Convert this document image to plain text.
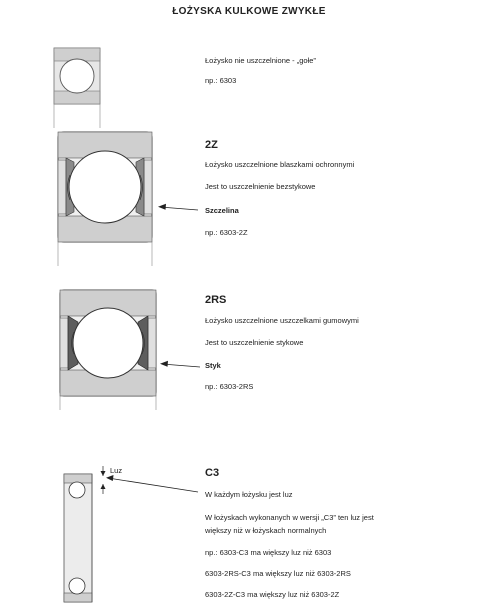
ŁOŻYSKA KULKOWE ZWYKŁE
Łożysko nie uszczelnione - „gołe”
np.: 6303
2Z
Łożysko uszczelnione blaszkami ochronnymi
Jest to uszczelnienie bezstykowe
Szczelina
np.: 6303-2Z
2RS
Łożysko uszczelnione uszczelkami gumowymi
Jest to uszczelnienie stykowe
Styk
np.: 6303-2RS
Luz	C3
W każdym łożysku jest luz
W łożyskach wykonanych w wersji „C3” ten luz jest
większy niż w łożyskach normalnych
np.: 6303-C3 ma większy luz niż 6303
6303-2RS-C3 ma większy luz niż 6303-2RS
6303-2Z-C3 ma większy luz niż 6303-2Z
